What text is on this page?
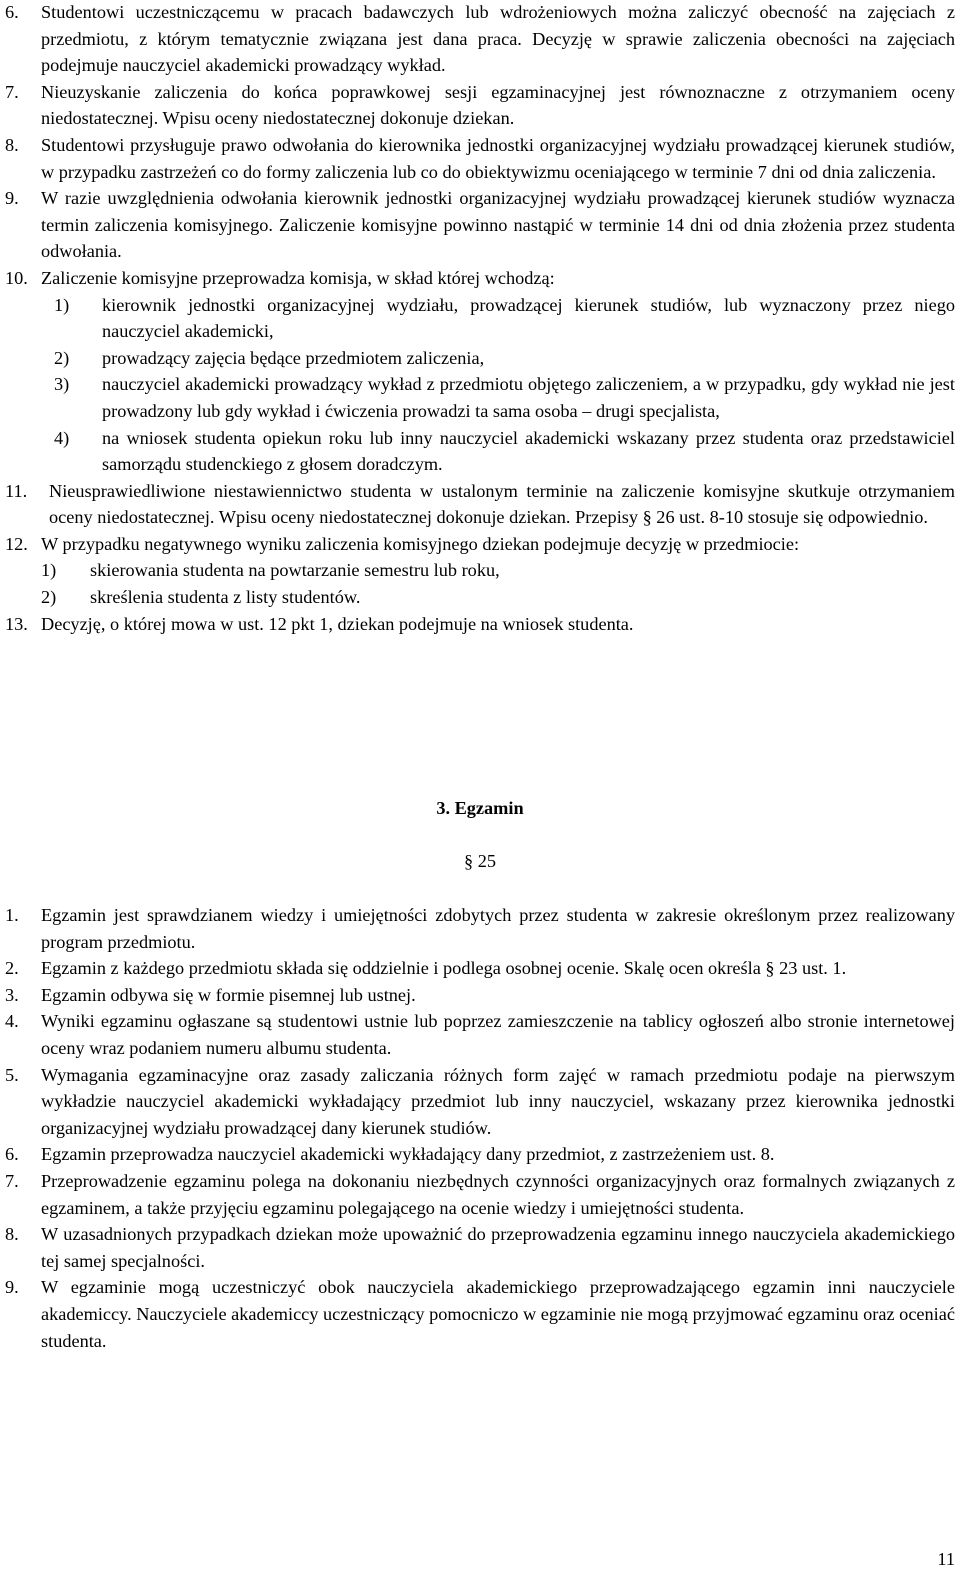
6.	Studentowi uczestniczącemu w pracach badawczych lub wdrożeniowych można zaliczyć obecność na zajęciach z przedmiotu, z którym tematycznie związana jest dana praca. Decyzję w sprawie zaliczenia obecności na zajęciach podejmuje nauczyciel akademicki prowadzący wykład.
7.	Nieuzyskanie zaliczenia do końca poprawkowej sesji egzaminacyjnej jest równoznaczne z otrzymaniem oceny niedostatecznej. Wpisu oceny niedostatecznej dokonuje dziekan.
8.	Studentowi przysługuje prawo odwołania do kierownika jednostki organizacyjnej wydziału prowadzącej kierunek studiów, w przypadku zastrzeżeń co do formy zaliczenia lub co do obiektywizmu oceniającego w terminie 7 dni od dnia zaliczenia.
9.	W razie uwzględnienia odwołania kierownik jednostki organizacyjnej wydziału prowadzącej kierunek studiów wyznacza termin zaliczenia komisyjnego. Zaliczenie komisyjne powinno nastąpić w terminie 14 dni od dnia złożenia przez studenta odwołania.
10. Zaliczenie komisyjne przeprowadza komisja, w skład której wchodzą:
1)	kierownik jednostki organizacyjnej wydziału, prowadzącej kierunek studiów, lub wyznaczony przez niego nauczyciel akademicki,
2)	prowadzący zajęcia będące przedmiotem zaliczenia,
3)	nauczyciel akademicki prowadzący wykład z przedmiotu objętego zaliczeniem, a w przypadku, gdy wykład nie jest prowadzony lub gdy wykład i ćwiczenia prowadzi ta sama osoba – drugi specjalista,
4)	na wniosek studenta opiekun roku lub inny nauczyciel akademicki wskazany przez studenta oraz przedstawiciel samorządu studenckiego z głosem doradczym.
11.	Nieusprawiedliwione niestawiennictwo studenta w ustalonym terminie na zaliczenie komisyjne skutkuje otrzymaniem oceny niedostatecznej. Wpisu oceny niedostatecznej dokonuje dziekan. Przepisy § 26 ust. 8-10 stosuje się odpowiednio.
12. W przypadku negatywnego wyniku zaliczenia komisyjnego dziekan podejmuje decyzję w przedmiocie:
1)	skierowania studenta na powtarzanie semestru lub roku,
2)	skreślenia studenta z listy studentów.
13. Decyzję, o której mowa w ust. 12 pkt 1, dziekan podejmuje na wniosek studenta.
3. Egzamin
§ 25
1.	Egzamin jest sprawdzianem wiedzy i umiejętności zdobytych przez studenta w zakresie określonym przez realizowany program przedmiotu.
2.	Egzamin z każdego przedmiotu składa się oddzielnie i podlega osobnej ocenie. Skalę ocen określa § 23 ust. 1.
3.	Egzamin odbywa się w formie pisemnej lub ustnej.
4.	Wyniki egzaminu ogłaszane są studentowi ustnie lub poprzez zamieszczenie na tablicy ogłoszeń albo stronie internetowej oceny wraz podaniem numeru albumu studenta.
5.	Wymagania egzaminacyjne oraz zasady zaliczania różnych form zajęć w ramach przedmiotu podaje na pierwszym wykładzie nauczyciel akademicki wykładający przedmiot lub inny nauczyciel, wskazany przez kierownika jednostki organizacyjnej wydziału prowadzącej dany kierunek studiów.
6.	Egzamin przeprowadza nauczyciel akademicki wykładający dany przedmiot, z zastrzeżeniem ust. 8.
7.	Przeprowadzenie egzaminu polega na dokonaniu niezbędnych czynności organizacyjnych oraz formalnych związanych z egzaminem, a także przyjęciu egzaminu polegającego na ocenie wiedzy i umiejętności studenta.
8.	W uzasadnionych przypadkach dziekan może upoważnić do przeprowadzenia egzaminu innego nauczyciela akademickiego tej samej specjalności.
9.	W egzaminie mogą uczestniczyć obok nauczyciela akademickiego przeprowadzającego egzamin inni nauczyciele akademiccy. Nauczyciele akademiccy uczestniczący pomocniczo w egzaminie nie mogą przyjmować egzaminu oraz oceniać studenta.
11
